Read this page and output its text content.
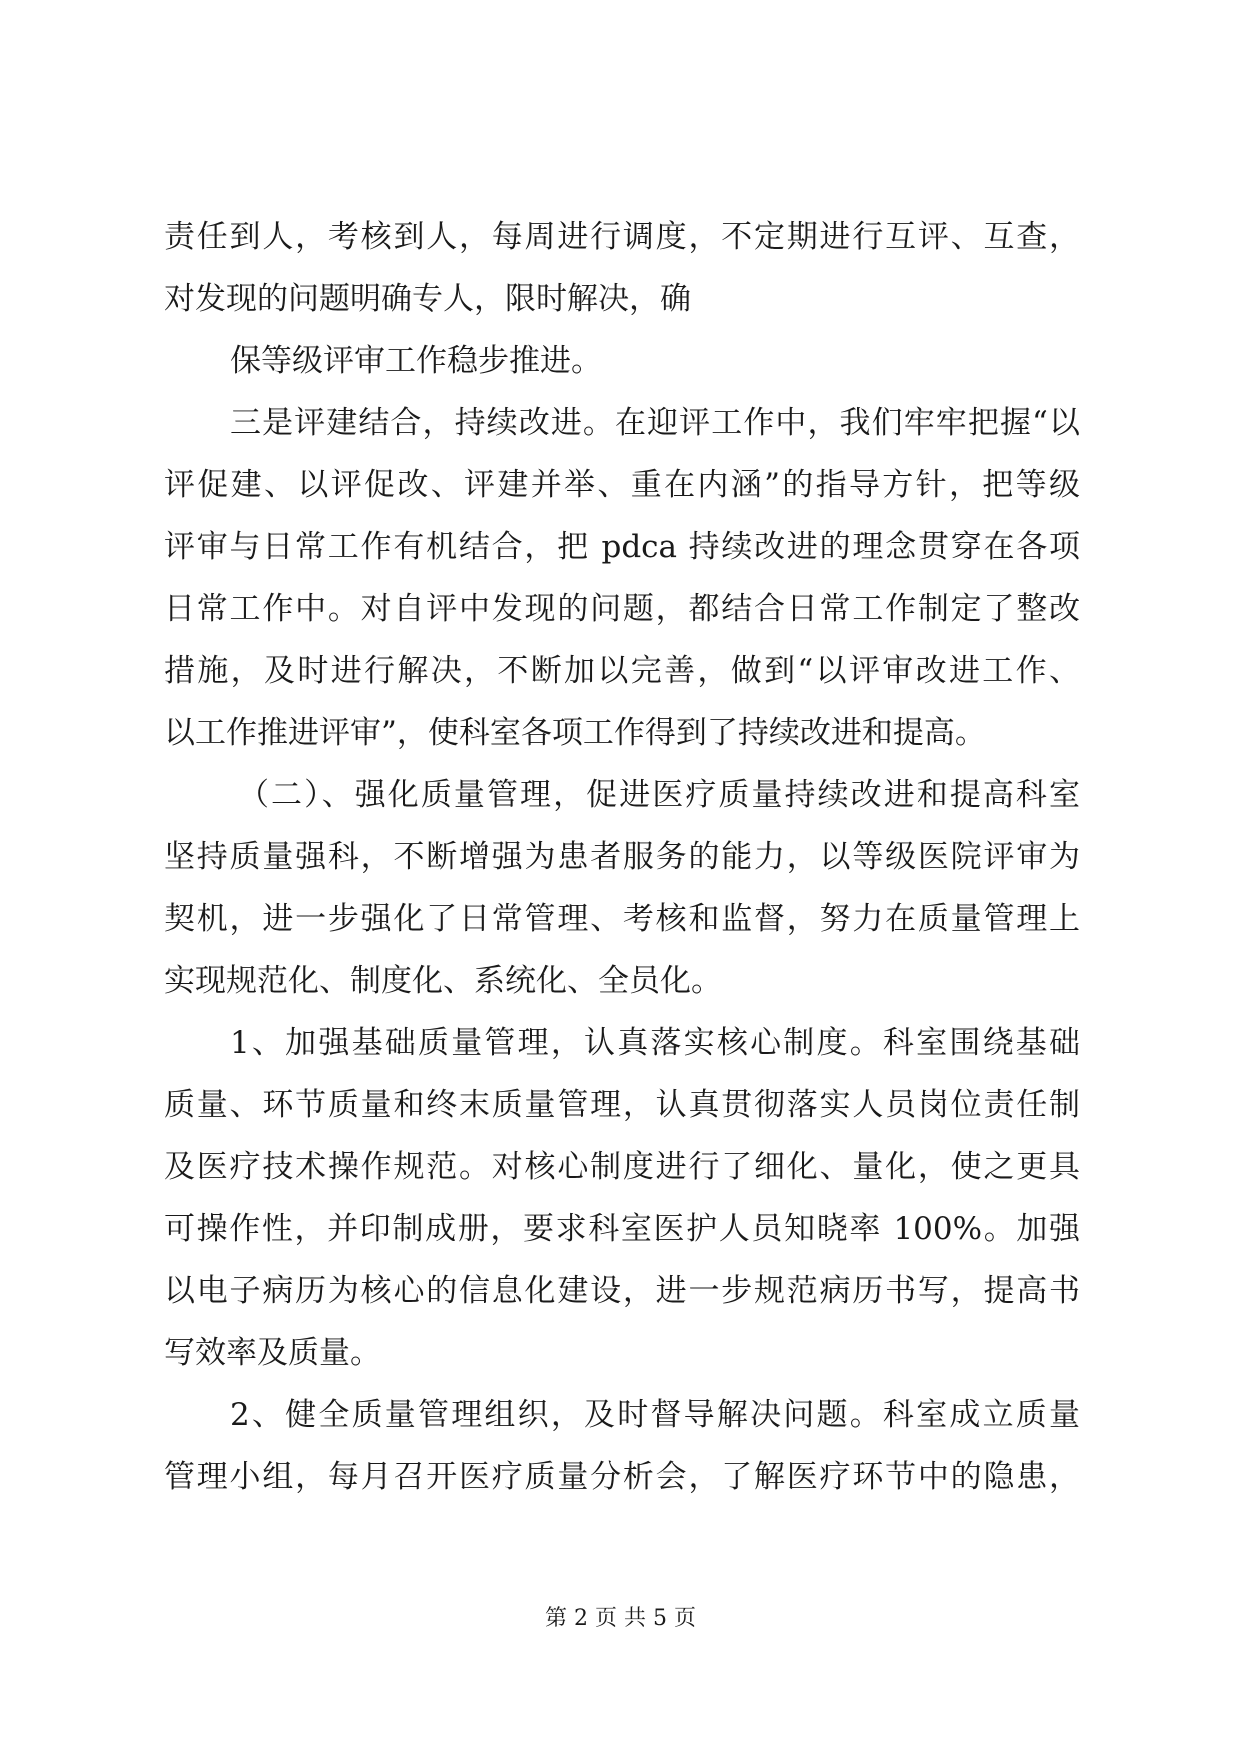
责任到人，考核到人，每周进行调度，不定期进行互评、互查，
对发现的问题明确专人，限时解决，确
保等级评审工作稳步推进。
三是评建结合，持续改进。在迎评工作中，我们牢牢把握“以
评促建、以评促改、评建并举、重在内涵”的指导方针，把等级
评审与日常工作有机结合，把 pdca 持续改进的理念贯穿在各项
日常工作中。对自评中发现的问题，都结合日常工作制定了整改
措施，及时进行解决，不断加以完善，做到“以评审改进工作、
以工作推进评审”，使科室各项工作得到了持续改进和提高。
（二）、强化质量管理，促进医疗质量持续改进和提高科室
坚持质量强科，不断增强为患者服务的能力，以等级医院评审为
契机，进一步强化了日常管理、考核和监督，努力在质量管理上
实现规范化、制度化、系统化、全员化。
1、加强基础质量管理，认真落实核心制度。科室围绕基础
质量、环节质量和终末质量管理，认真贯彻落实人员岗位责任制
及医疗技术操作规范。对核心制度进行了细化、量化，使之更具
可操作性，并印制成册，要求科室医护人员知晓率 100%。加强
以电子病历为核心的信息化建设，进一步规范病历书写，提高书
写效率及质量。
2、健全质量管理组织，及时督导解决问题。科室成立质量
管理小组，每月召开医疗质量分析会，了解医疗环节中的隐患，
第 2 页 共 5 页
